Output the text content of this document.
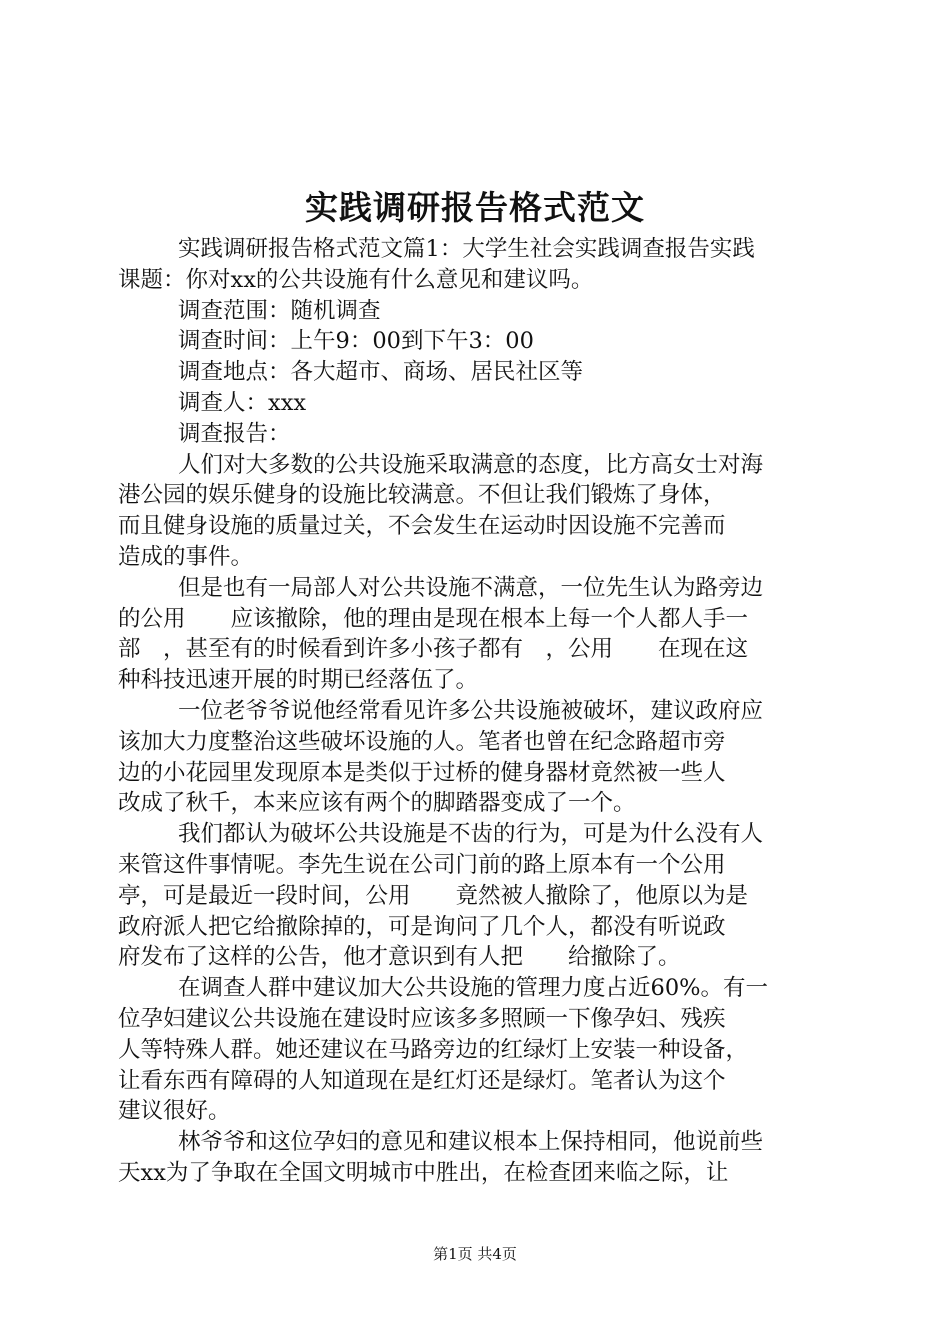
实践调研报告格式范文
实践调研报告格式范文篇1：大学生社会实践调查报告实践
课题：你对xx的公共设施有什么意见和建议吗。
调查范围：随机调查
调查时间：上午9：00到下午3：00
调查地点：各大超市、商场、居民社区等
调查人：xxx
调查报告：
人们对大多数的公共设施采取满意的态度，比方高女士对海
港公园的娱乐健身的设施比较满意。不但让我们锻炼了身体，
而且健身设施的质量过关，不会发生在运动时因设施不完善而
造成的事件。
但是也有一局部人对公共设施不满意，一位先生认为路旁边
的公用　　应该撤除，他的理由是现在根本上每一个人都人手一
部　，甚至有的时候看到许多小孩子都有　，公用　　在现在这
种科技迅速开展的时期已经落伍了。
一位老爷爷说他经常看见许多公共设施被破坏，建议政府应
该加大力度整治这些破坏设施的人。笔者也曾在纪念路超市旁
边的小花园里发现原本是类似于过桥的健身器材竟然被一些人
改成了秋千，本来应该有两个的脚踏器变成了一个。
我们都认为破坏公共设施是不齿的行为，可是为什么没有人
来管这件事情呢。李先生说在公司门前的路上原本有一个公用
亭，可是最近一段时间，公用　　竟然被人撤除了，他原以为是
政府派人把它给撤除掉的，可是询问了几个人，都没有听说政
府发布了这样的公告，他才意识到有人把　　给撤除了。
在调查人群中建议加大公共设施的管理力度占近60%。有一
位孕妇建议公共设施在建设时应该多多照顾一下像孕妇、残疾
人等特殊人群。她还建议在马路旁边的红绿灯上安装一种设备，
让看东西有障碍的人知道现在是红灯还是绿灯。笔者认为这个
建议很好。
林爷爷和这位孕妇的意见和建议根本上保持相同，他说前些
天xx为了争取在全国文明城市中胜出，在检查团来临之际，让
第1页 共4页
